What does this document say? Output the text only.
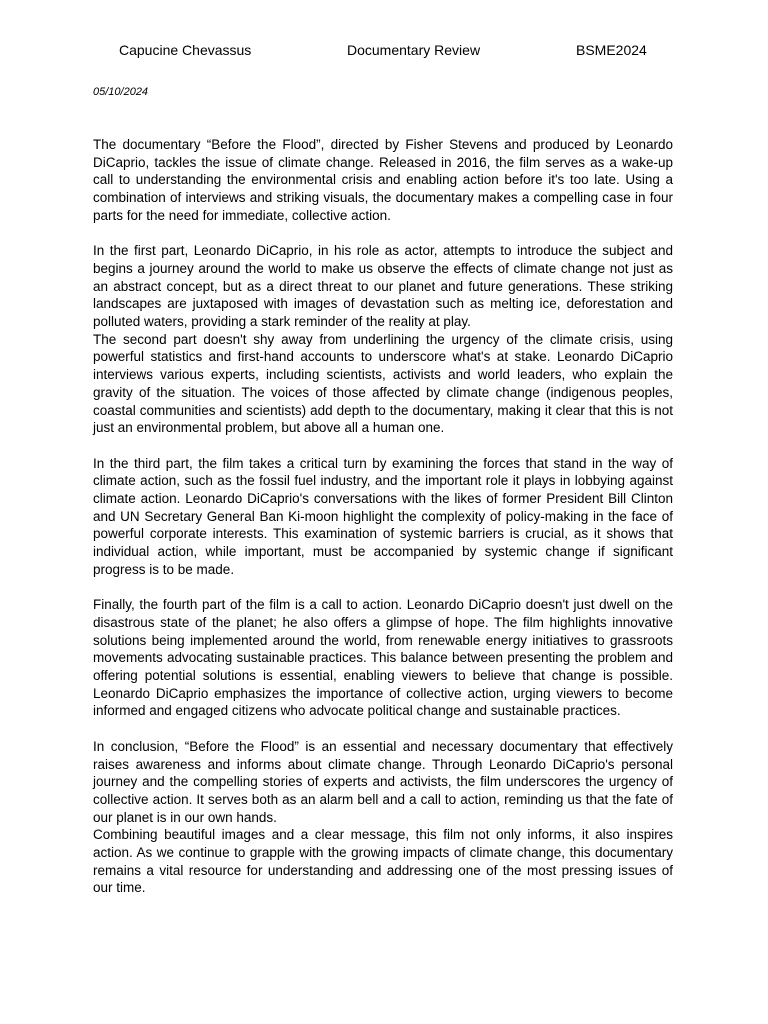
Capucine Chevassus	Documentary Review	BSME2024
05/10/2024

The documentary “Before the Flood”, directed by Fisher Stevens and produced by Leonardo DiCaprio, tackles the issue of climate change. Released in 2016, the film serves as a wake-up call to understanding the environmental crisis and enabling action before it's too late. Using a combination of interviews and striking visuals, the documentary makes a compelling case in four parts for the need for immediate, collective action.

In the first part, Leonardo DiCaprio, in his role as actor, attempts to introduce the subject and begins a journey around the world to make us observe the effects of climate change not just as an abstract concept, but as a direct threat to our planet and future generations. These striking landscapes are juxtaposed with images of devastation such as melting ice, deforestation and polluted waters, providing a stark reminder of the reality at play.

The second part doesn't shy away from underlining the urgency of the climate crisis, using powerful statistics and first-hand accounts to underscore what's at stake. Leonardo DiCaprio interviews various experts, including scientists, activists and world leaders, who explain the gravity of the situation. The voices of those affected by climate change (indigenous peoples, coastal communities and scientists) add depth to the documentary, making it clear that this is not just an environmental problem, but above all a human one.

In the third part, the film takes a critical turn by examining the forces that stand in the way of climate action, such as the fossil fuel industry, and the important role it plays in lobbying against climate action. Leonardo DiCaprio's conversations with the likes of former President Bill Clinton and UN Secretary General Ban Ki-moon highlight the complexity of policy-making in the face of powerful corporate interests. This examination of systemic barriers is crucial, as it shows that individual action, while important, must be accompanied by systemic change if significant progress is to be made.

Finally, the fourth part of the film is a call to action. Leonardo DiCaprio doesn't just dwell on the disastrous state of the planet; he also offers a glimpse of hope. The film highlights innovative solutions being implemented around the world, from renewable energy initiatives to grassroots movements advocating sustainable practices. This balance between presenting the problem and offering potential solutions is essential, enabling viewers to believe that change is possible. Leonardo DiCaprio emphasizes the importance of collective action, urging viewers to become informed and engaged citizens who advocate political change and sustainable practices.

In conclusion, “Before the Flood” is an essential and necessary documentary that effectively raises awareness and informs about climate change. Through Leonardo DiCaprio's personal journey and the compelling stories of experts and activists, the film underscores the urgency of collective action. It serves both as an alarm bell and a call to action, reminding us that the fate of our planet is in our own hands.

Combining beautiful images and a clear message, this film not only informs, it also inspires action. As we continue to grapple with the growing impacts of climate change, this documentary remains a vital resource for understanding and addressing one of the most pressing issues of our time.
